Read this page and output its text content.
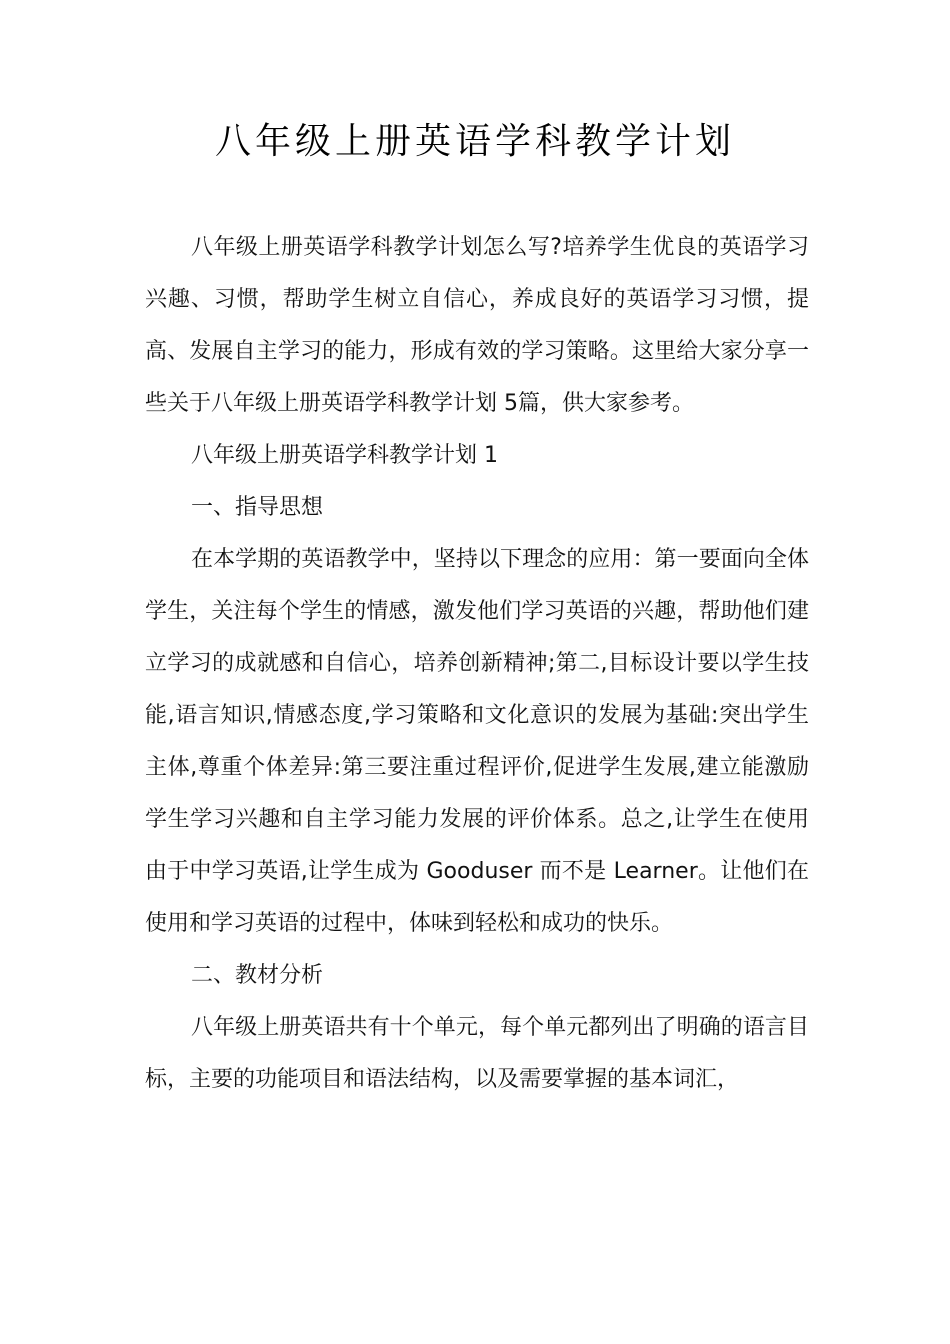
八年级上册英语学科教学计划

八年级上册英语学科教学计划怎么写?培养学生优良的英语学习兴趣、习惯，帮助学生树立自信心，养成良好的英语学习习惯，提高、发展自主学习的能力，形成有效的学习策略。这里给大家分享一些关于八年级上册英语学科教学计划 5篇，供大家参考。

八年级上册英语学科教学计划 1

一、指导思想

在本学期的英语教学中，坚持以下理念的应用：第一要面向全体学生，关注每个学生的情感，激发他们学习英语的兴趣，帮助他们建立学习的成就感和自信心，培养创新精神;第二,目标设计要以学生技能,语言知识,情感态度,学习策略和文化意识的发展为基础:突出学生主体,尊重个体差异:第三要注重过程评价,促进学生发展,建立能激励学生学习兴趣和自主学习能力发展的评价体系。总之,让学生在使用由于中学习英语,让学生成为 Gooduser 而不是 Learner。让他们在使用和学习英语的过程中，体味到轻松和成功的快乐。

二、教材分析

八年级上册英语共有十个单元，每个单元都列出了明确的语言目标，主要的功能项目和语法结构，以及需要掌握的基本词汇，
